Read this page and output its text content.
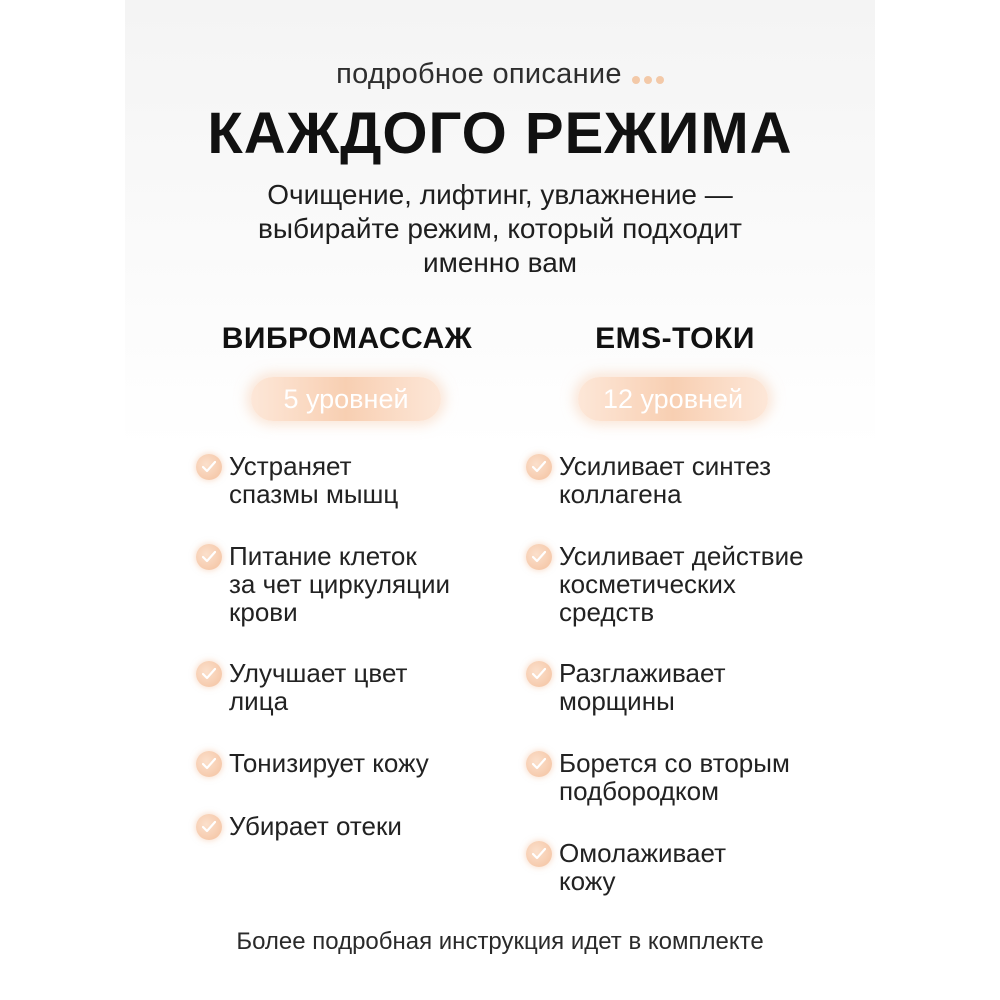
подробное описание
КАЖДОГО РЕЖИМА
Очищение, лифтинг, увлажнение —
выбирайте режим, который подходит
именно вам
ВИБРОМАССАЖ
5 уровней
EMS-ТОКИ
12 уровней
Устраняет
спазмы мышц
Питание клеток
за чет циркуляции
крови
Улучшает цвет
лица
Тонизирует кожу
Убирает отеки
Усиливает синтез
коллагена
Усиливает действие
косметических
средств
Разглаживает
морщины
Борется со вторым
подбородком
Омолаживает
кожу
Более подробная инструкция идет в комплекте
